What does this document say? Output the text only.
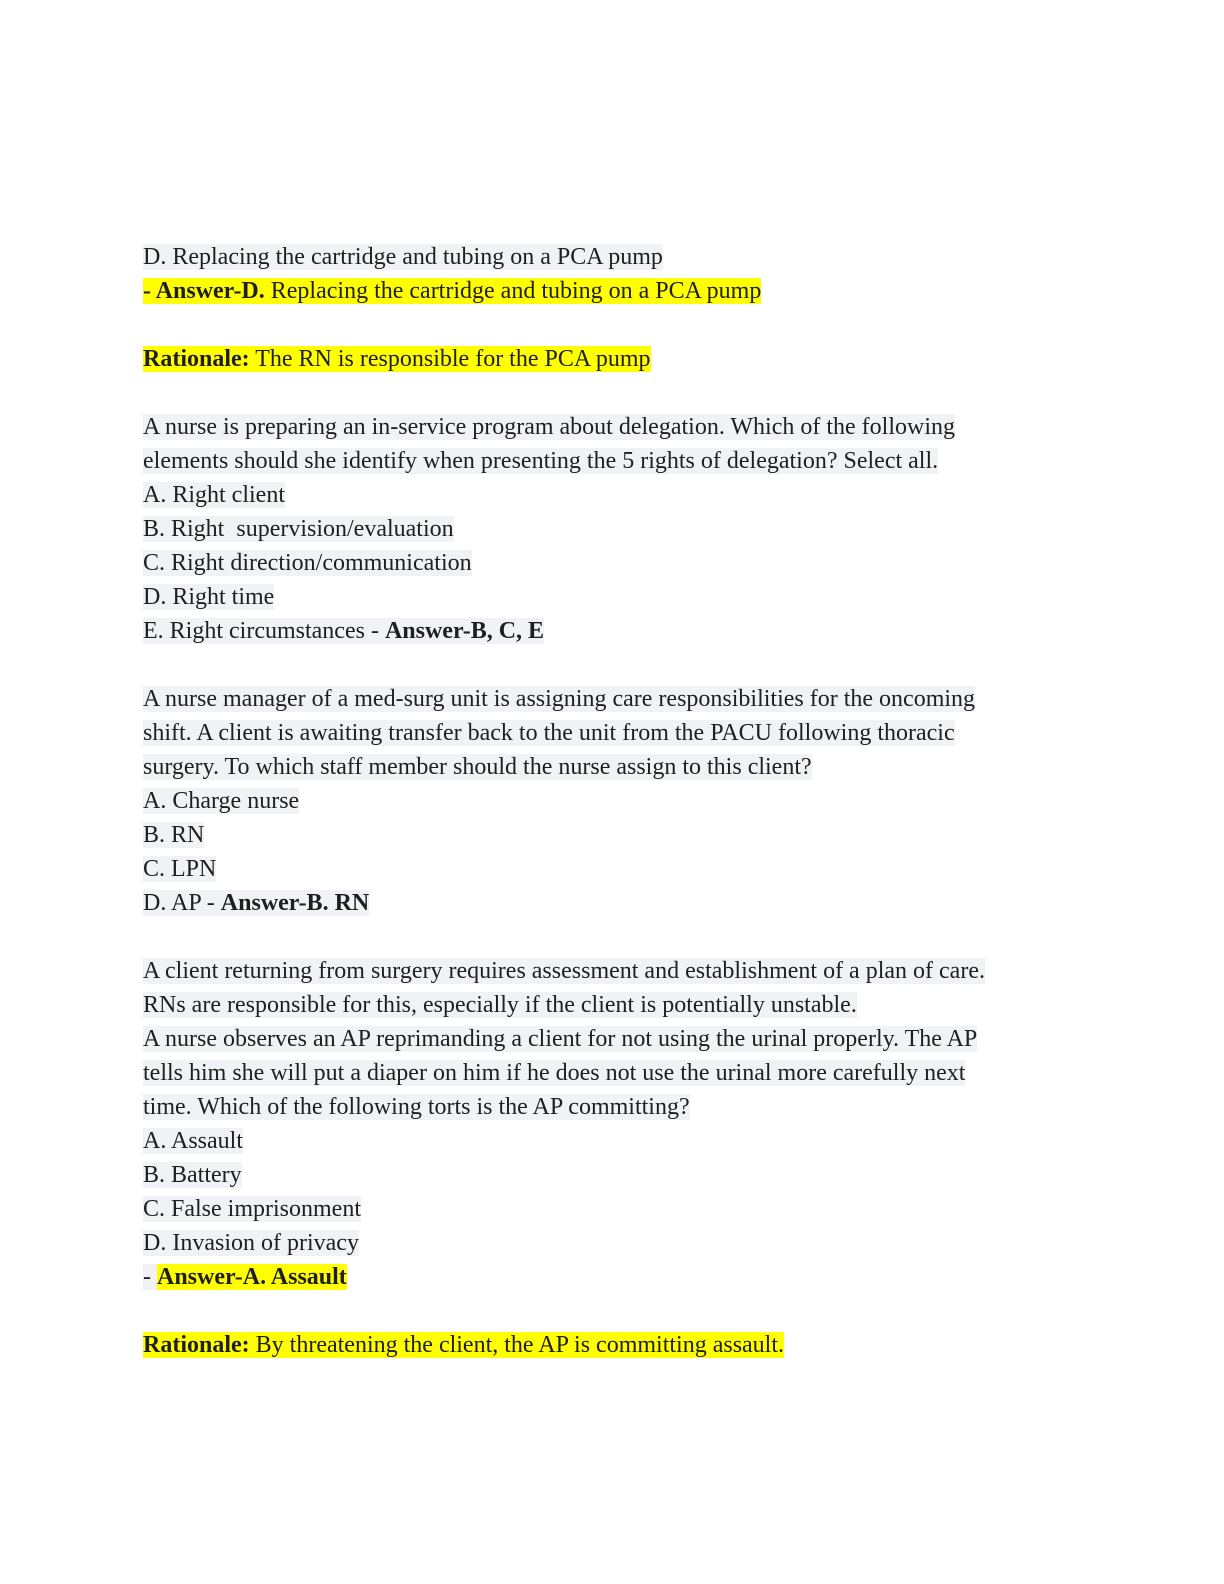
D. Replacing the cartridge and tubing on a PCA pump
- Answer-D. Replacing the cartridge and tubing on a PCA pump
Rationale: The RN is responsible for the PCA pump
A nurse is preparing an in-service program about delegation. Which of the following
elements should she identify when presenting the 5 rights of delegation? Select all.
A. Right client
B. Right  supervision/evaluation
C. Right direction/communication
D. Right time
E. Right circumstances - Answer-B, C, E
A nurse manager of a med-surg unit is assigning care responsibilities for the oncoming
shift. A client is awaiting transfer back to the unit from the PACU following thoracic
surgery. To which staff member should the nurse assign to this client?
A. Charge nurse
B. RN
C. LPN
D. AP - Answer-B. RN
A client returning from surgery requires assessment and establishment of a plan of care.
RNs are responsible for this, especially if the client is potentially unstable.
A nurse observes an AP reprimanding a client for not using the urinal properly. The AP
tells him she will put a diaper on him if he does not use the urinal more carefully next
time. Which of the following torts is the AP committing?
A. Assault
B. Battery
C. False imprisonment
D. Invasion of privacy
- Answer-A. Assault
Rationale: By threatening the client, the AP is committing assault.
